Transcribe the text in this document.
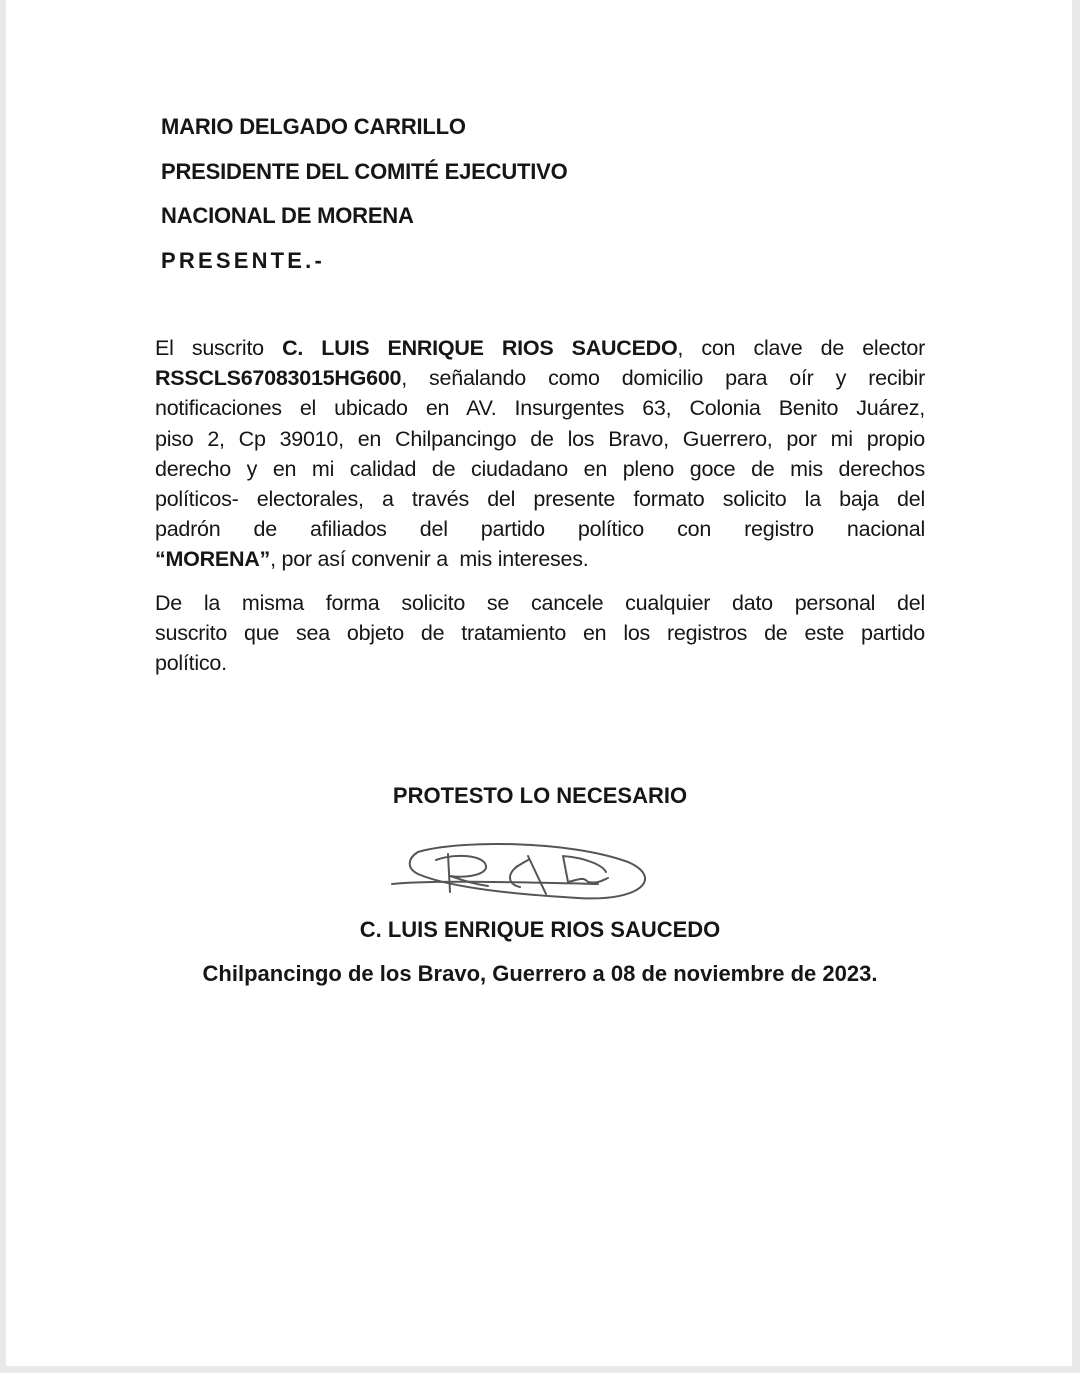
MARIO DELGADO CARRILLO
PRESIDENTE DEL COMITÉ EJECUTIVO
NACIONAL DE MORENA
PRESENTE.-
El suscrito C. LUIS ENRIQUE RIOS SAUCEDO, con clave de elector
RSSCLS67083015HG600, señalando como domicilio para oír y recibir
notificaciones el ubicado en AV. Insurgentes 63, Colonia Benito Juárez,
piso 2, Cp 39010, en Chilpancingo de los Bravo, Guerrero, por mi propio
derecho y en mi calidad de ciudadano en pleno goce de mis derechos
políticos- electorales, a través del presente formato solicito la baja del
padrón de afiliados del partido político con registro nacional
“MORENA”, por así convenir a  mis intereses.
De la misma forma solicito se cancele cualquier dato personal del
suscrito que sea objeto de tratamiento en los registros de este partido
político.
PROTESTO LO NECESARIO
C. LUIS ENRIQUE RIOS SAUCEDO
Chilpancingo de los Bravo, Guerrero a 08 de noviembre de 2023.
